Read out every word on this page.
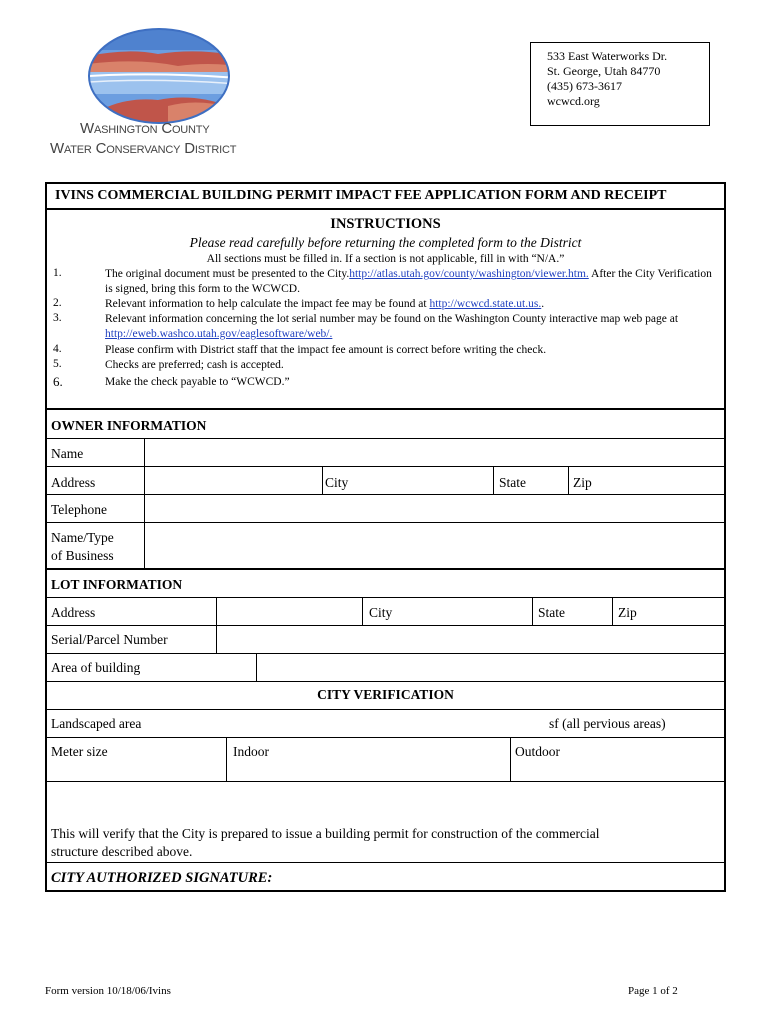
Washington County
Water Conservancy District
533 East Waterworks Dr.
St. George, Utah 84770
(435) 673-3617
wcwcd.org
IVINS COMMERCIAL BUILDING PERMIT IMPACT FEE APPLICATION FORM AND RECEIPT
INSTRUCTIONS
Please read carefully before returning the completed form to the District
All sections must be filled in. If a section is not applicable, fill in with “N/A.”
1.	The original document must be presented to the City.http://atlas.utah.gov/county/washington/viewer.htm. After the City Verification is signed, bring this form to the WCWCD.
2.	Relevant information to help calculate the impact fee may be found at http://wcwcd.state.ut.us..
3.	Relevant information concerning the lot serial number may be found on the Washington County interactive map web page at http://eweb.washco.utah.gov/eaglesoftware/web/.
4.	Please confirm with District staff that the impact fee amount is correct before writing the check.
5.	Checks are preferred; cash is accepted.
6.	Make the check payable to “WCWCD.”
OWNER INFORMATION
Name
Address	City	State	Zip
Telephone
Name/Type
of Business
LOT INFORMATION
Address	City	State	Zip
Serial/Parcel Number
Area of building
CITY VERIFICATION
Landscaped area	sf (all pervious areas)
Meter size	Indoor	Outdoor
This will verify that the City is prepared to issue a building permit for construction of the commercial
structure described above.
CITY AUTHORIZED SIGNATURE:
Form version 10/18/06/Ivins	Page 1 of 2
